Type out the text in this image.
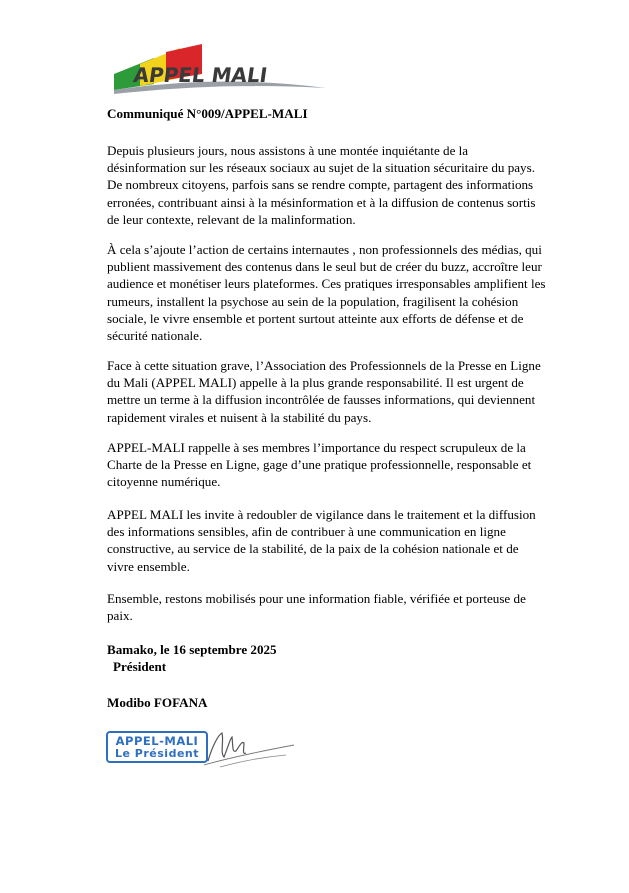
APPEL MALI
Communiqué N°009/APPEL-MALI
Depuis plusieurs jours, nous assistons à une montée inquiétante de la désinformation sur les réseaux sociaux au sujet de la situation sécuritaire du pays. De nombreux citoyens, parfois sans se rendre compte, partagent des informations erronées, contribuant ainsi à la mésinformation et à la diffusion de contenus sortis de leur contexte, relevant de la malinformation.
À cela s’ajoute l’action de certains internautes , non professionnels des médias, qui publient massivement des contenus dans le seul but de créer du buzz, accroître leur audience et monétiser leurs plateformes. Ces pratiques irresponsables amplifient les rumeurs, installent la psychose au sein de la population, fragilisent la cohésion sociale, le vivre ensemble et portent surtout atteinte aux efforts de défense et de sécurité nationale.
Face à cette situation grave, l’Association des Professionnels de la Presse en Ligne du Mali (APPEL MALI) appelle à la plus grande responsabilité. Il est urgent de mettre un terme à la diffusion incontrôlée de fausses informations, qui deviennent rapidement virales et nuisent à la stabilité du pays.
APPEL-MALI rappelle à ses membres l’importance du respect scrupuleux de la Charte de la Presse en Ligne, gage d’une pratique professionnelle, responsable et citoyenne numérique.
APPEL MALI les invite à redoubler de vigilance dans le traitement et la diffusion des informations sensibles, afin de contribuer à une communication en ligne constructive, au service de la stabilité, de la paix de la cohésion nationale et de vivre ensemble.
Ensemble, restons mobilisés pour une information fiable, vérifiée et porteuse de paix.
Bamako, le 16 septembre 2025
Président
Modibo FOFANA
APPEL-MALI
Le Président
